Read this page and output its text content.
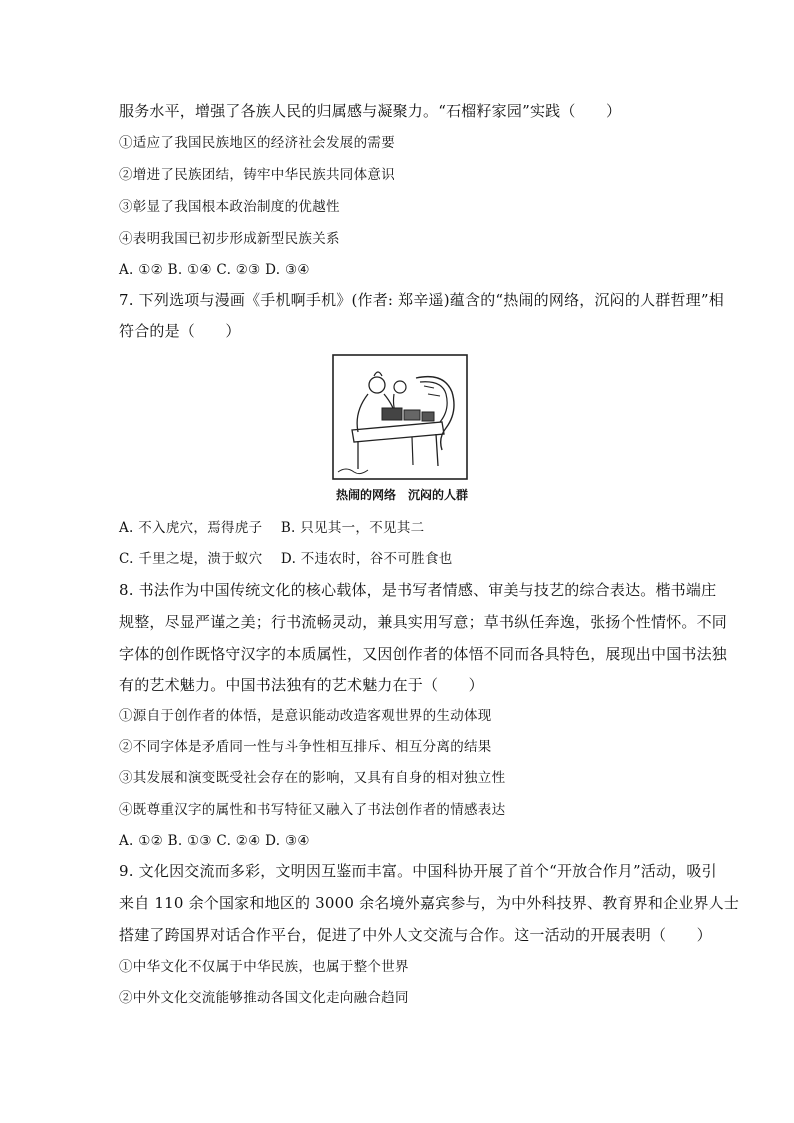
服务水平，增强了各族人民的归属感与凝聚力。“石榴籽家园”实践（　　）
①适应了我国民族地区的经济社会发展的需要
②增进了民族团结，铸牢中华民族共同体意识
③彰显了我国根本政治制度的优越性
④表明我国已初步形成新型民族关系
A. ①② B. ①④ C. ②③ D. ③④
7. 下列选项与漫画《手机啊手机》(作者: 郑辛遥)蕴含的“热闹的网络，沉闷的人群哲理”相
符合的是（　　）
热闹的网络　沉闷的人群
A. 不入虎穴，焉得虎子　 B. 只见其一，不见其二
C. 千里之堤，溃于蚁穴　 D. 不违农时，谷不可胜食也
8. 书法作为中国传统文化的核心载体，是书写者情感、审美与技艺的综合表达。楷书端庄
规整，尽显严谨之美；行书流畅灵动，兼具实用写意；草书纵任奔逸，张扬个性情怀。不同
字体的创作既恪守汉字的本质属性，又因创作者的体悟不同而各具特色，展现出中国书法独
有的艺术魅力。中国书法独有的艺术魅力在于（　　）
①源自于创作者的体悟，是意识能动改造客观世界的生动体现
②不同字体是矛盾同一性与斗争性相互排斥、相互分离的结果
③其发展和演变既受社会存在的影响，又具有自身的相对独立性
④既尊重汉字的属性和书写特征又融入了书法创作者的情感表达
A. ①② B. ①③ C. ②④ D. ③④
9. 文化因交流而多彩，文明因互鉴而丰富。中国科协开展了首个“开放合作月”活动，吸引
来自 110 余个国家和地区的 3000 余名境外嘉宾参与，为中外科技界、教育界和企业界人士
搭建了跨国界对话合作平台，促进了中外人文交流与合作。这一活动的开展表明（　　）
①中华文化不仅属于中华民族，也属于整个世界
②中外文化交流能够推动各国文化走向融合趋同
